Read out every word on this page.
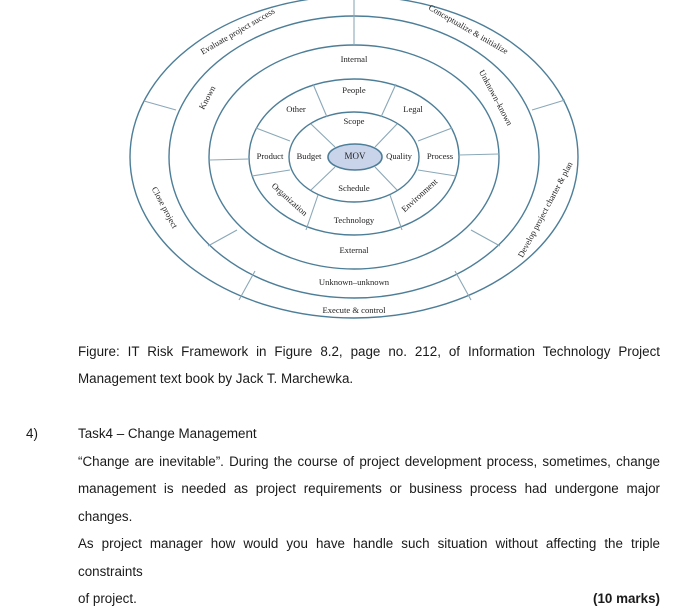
MOV
Scope
Quality
Schedule
Budget
People
Legal
Process
Environment
Technology
Organization
Product
Other
Internal
External
Known	Unknown–known
Unknown–unknown
Conceptualize & initialize
Develop project charter & plan
Execute & control
Close project
Evaluate project success
Figure: IT Risk Framework in Figure 8.2, page no. 212, of Information Technology Project
Management text book by Jack T. Marchewka.
4)	Task4 – Change Management
“Change are inevitable”. During the course of project development process, sometimes, change
management is needed as project requirements or business process had undergone major changes.
As project manager how would you have handle such situation without affecting the triple constraints
of project.	(10 marks)
